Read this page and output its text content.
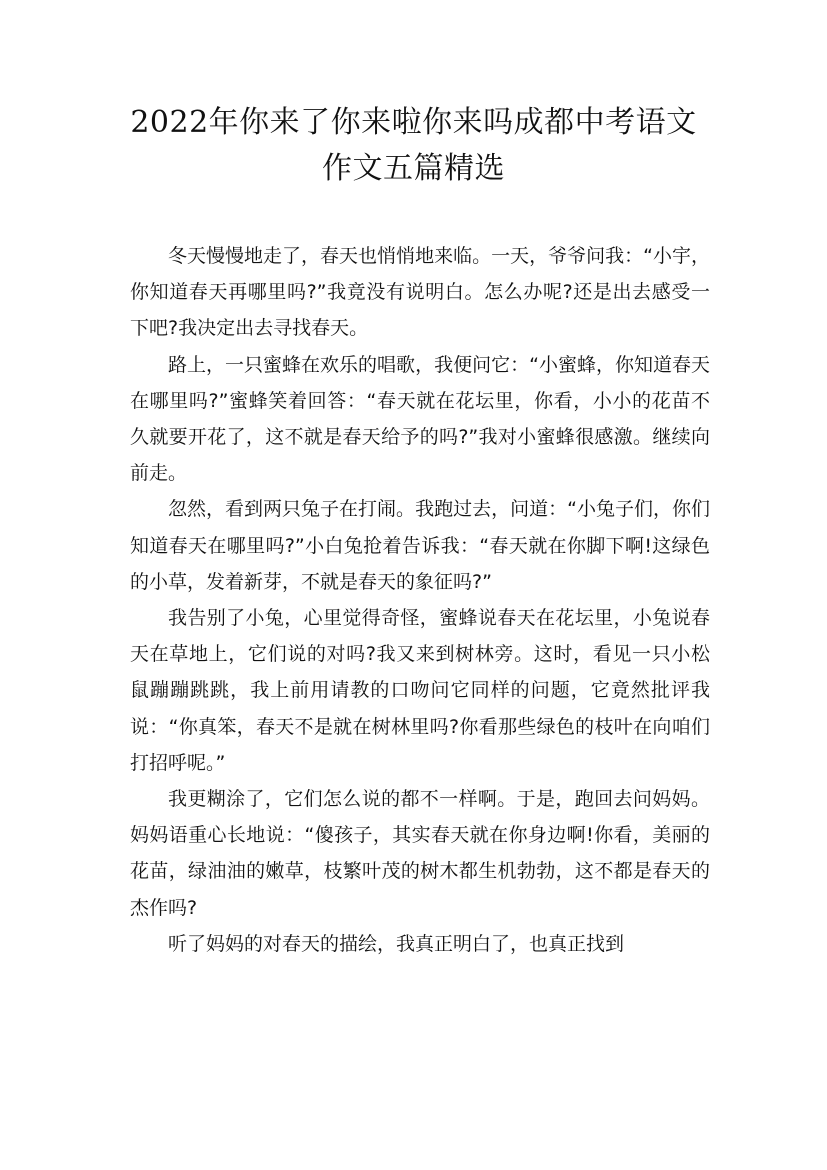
2022年你来了你来啦你来吗成都中考语文
作文五篇精选

冬天慢慢地走了，春天也悄悄地来临。一天，爷爷问我：“小宇，你知道春天再哪里吗?”我竟没有说明白。怎么办呢?还是出去感受一下吧?我决定出去寻找春天。

路上，一只蜜蜂在欢乐的唱歌，我便问它：“小蜜蜂，你知道春天在哪里吗?”蜜蜂笑着回答：“春天就在花坛里，你看，小小的花苗不久就要开花了，这不就是春天给予的吗?”我对小蜜蜂很感激。继续向前走。

忽然，看到两只兔子在打闹。我跑过去，问道：“小兔子们，你们知道春天在哪里吗?”小白兔抢着告诉我：“春天就在你脚下啊!这绿色的小草，发着新芽，不就是春天的象征吗?”

我告别了小兔，心里觉得奇怪，蜜蜂说春天在花坛里，小兔说春天在草地上，它们说的对吗?我又来到树林旁。这时，看见一只小松鼠蹦蹦跳跳，我上前用请教的口吻问它同样的问题，它竟然批评我说：“你真笨，春天不是就在树林里吗?你看那些绿色的枝叶在向咱们打招呼呢。”

我更糊涂了，它们怎么说的都不一样啊。于是，跑回去问妈妈。妈妈语重心长地说：“傻孩子，其实春天就在你身边啊!你看，美丽的花苗，绿油油的嫩草，枝繁叶茂的树木都生机勃勃，这不都是春天的杰作吗?

听了妈妈的对春天的描绘，我真正明白了，也真正找到
